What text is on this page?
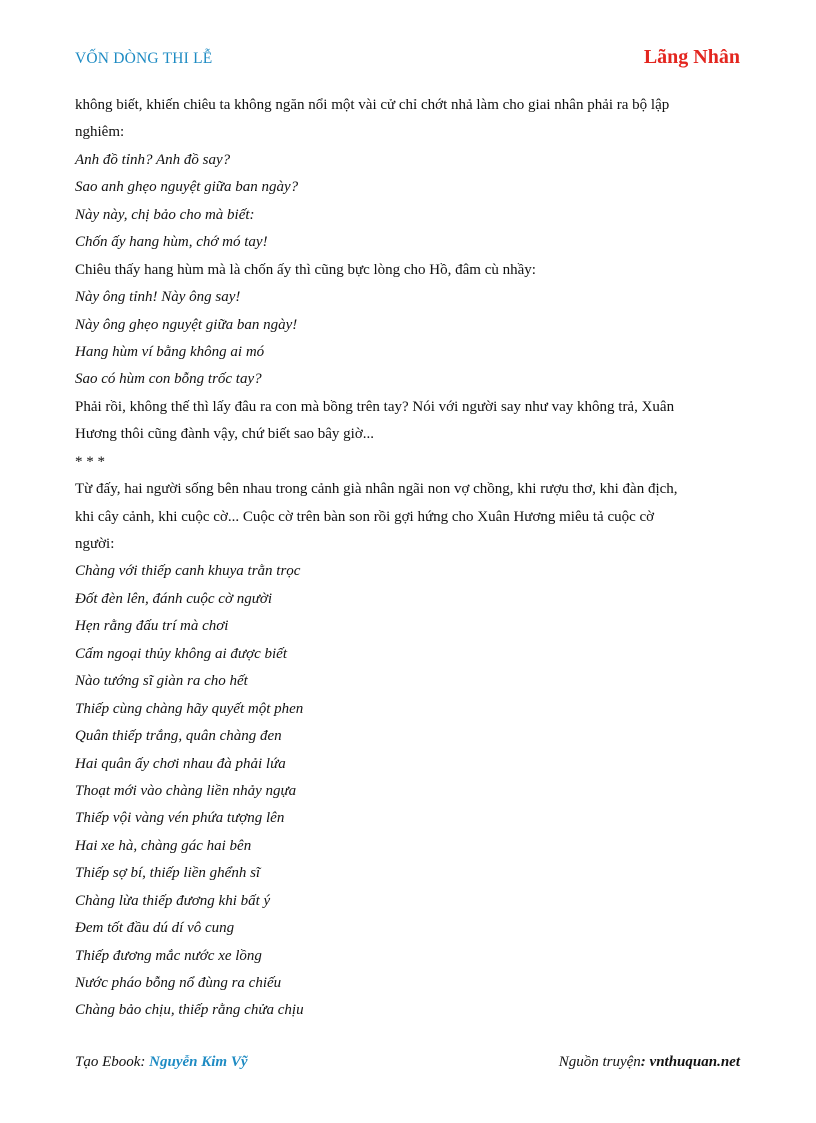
VỐN DÒNG THI LỄ	Lãng Nhân
không biết, khiến chiêu ta không ngăn nổi một vài cử chỉ chớt nhả làm cho giai nhân phải ra bộ lập
nghiêm:
Anh đồ tỉnh? Anh đồ say?
Sao anh ghẹo nguyệt giữa ban ngày?
Này này, chị bảo cho mà biết:
Chốn ấy hang hùm, chớ mó tay!
Chiêu thấy hang hùm mà là chốn ấy thì cũng bực lòng cho Hồ, đâm cù nhầy:
Này ông tỉnh! Này ông say!
Này ông ghẹo nguyệt giữa ban ngày!
Hang hùm ví bằng không ai mó
Sao có hùm con bỗng trốc tay?
Phải rồi, không thế thì lấy đâu ra con mà bồng trên tay? Nói với người say như vay không trả, Xuân
Hương thôi cũng đành vậy, chứ biết sao bây giờ...
* * *
Từ đấy, hai người sống bên nhau trong cảnh già nhân ngãi non vợ chồng, khi rượu thơ, khi đàn địch,
khi cây cảnh, khi cuộc cờ... Cuộc cờ trên bàn son rồi gợi hứng cho Xuân Hương miêu tả cuộc cờ
người:
Chàng với thiếp canh khuya trằn trọc
Đốt đèn lên, đánh cuộc cờ người
Hẹn rằng đấu trí mà chơi
Cấm ngoại thủy không ai được biết
Nào tướng sĩ giàn ra cho hết
Thiếp cùng chàng hãy quyết một phen
Quân thiếp trắng, quân chàng đen
Hai quân ấy chơi nhau đà phải lứa
Thoạt mới vào chàng liền nhảy ngựa
Thiếp vội vàng vén phứa tượng lên
Hai xe hà, chàng gác hai bên
Thiếp sợ bí, thiếp liền ghểnh sĩ
Chàng lừa thiếp đương khi bất ý
Đem tốt đầu dú dí vô cung
Thiếp đương mắc nước xe lồng
Nước pháo bỗng nổ đùng ra chiếu
Chàng bảo chịu, thiếp rằng chửa chịu
Tạo Ebook: Nguyễn Kim Vỹ	Nguồn truyện: vnthuquan.net
